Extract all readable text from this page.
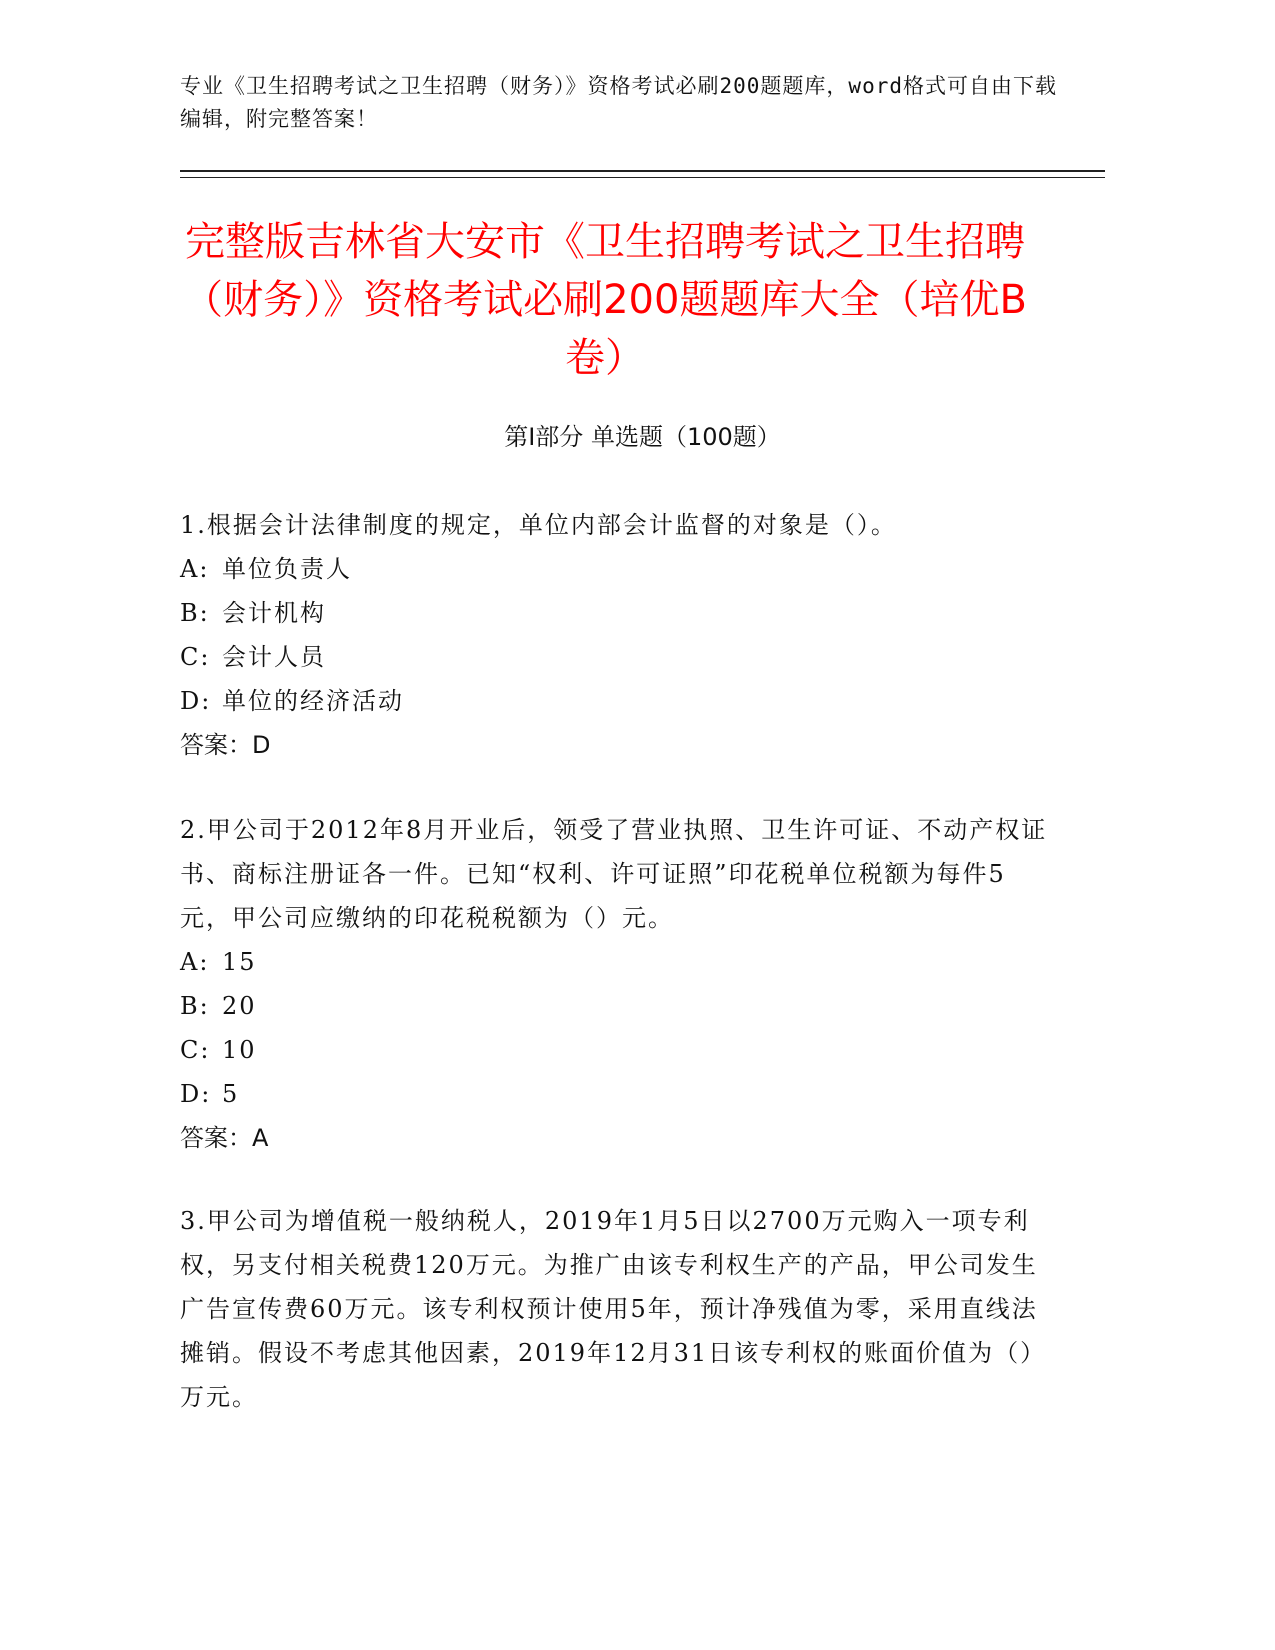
专业《卫生招聘考试之卫生招聘（财务）》资格考试必刷200题题库，word格式可自由下载编辑，附完整答案！
完整版吉林省大安市《卫生招聘考试之卫生招聘（财务）》资格考试必刷200题题库大全（培优B卷）
第I部分 单选题（100题）
1.根据会计法律制度的规定，单位内部会计监督的对象是（）。
A: 单位负责人
B: 会计机构
C: 会计人员
D: 单位的经济活动
答案：D
2.甲公司于2012年8月开业后，领受了营业执照、卫生许可证、不动产权证书、商标注册证各一件。已知“权利、许可证照”印花税单位税额为每件5元，甲公司应缴纳的印花税税额为（）元。
A: 15
B: 20
C: 10
D: 5
答案：A
3.甲公司为增值税一般纳税人，2019年1月5日以2700万元购入一项专利权，另支付相关税费120万元。为推广由该专利权生产的产品，甲公司发生广告宣传费60万元。该专利权预计使用5年，预计净残值为零，采用直线法摊销。假设不考虑其他因素，2019年12月31日该专利权的账面价值为（）万元。
